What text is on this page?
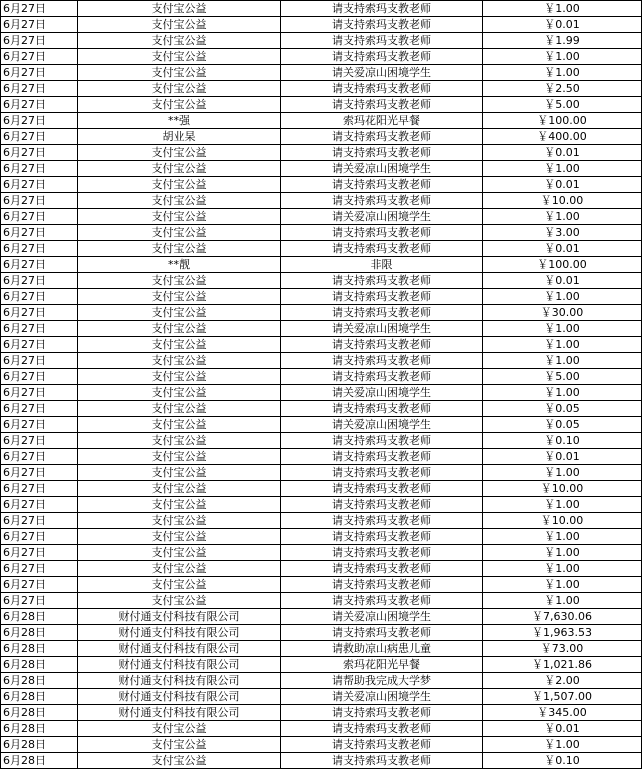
6月27日	支付宝公益	请支持索玛支教老师	￥1.00
6月27日	支付宝公益	请支持索玛支教老师	￥0.01
6月27日	支付宝公益	请支持索玛支教老师	￥1.99
6月27日	支付宝公益	请支持索玛支教老师	￥1.00
6月27日	支付宝公益	请关爱凉山困境学生	￥1.00
6月27日	支付宝公益	请支持索玛支教老师	￥2.50
6月27日	支付宝公益	请支持索玛支教老师	￥5.00
6月27日	**强	索玛花阳光早餐	￥100.00
6月27日	胡业杲	请支持索玛支教老师	￥400.00
6月27日	支付宝公益	请支持索玛支教老师	￥0.01
6月27日	支付宝公益	请关爱凉山困境学生	￥1.00
6月27日	支付宝公益	请支持索玛支教老师	￥0.01
6月27日	支付宝公益	请支持索玛支教老师	￥10.00
6月27日	支付宝公益	请关爱凉山困境学生	￥1.00
6月27日	支付宝公益	请支持索玛支教老师	￥3.00
6月27日	支付宝公益	请支持索玛支教老师	￥0.01
6月27日	**靓	非限	￥100.00
6月27日	支付宝公益	请支持索玛支教老师	￥0.01
6月27日	支付宝公益	请支持索玛支教老师	￥1.00
6月27日	支付宝公益	请支持索玛支教老师	￥30.00
6月27日	支付宝公益	请关爱凉山困境学生	￥1.00
6月27日	支付宝公益	请支持索玛支教老师	￥1.00
6月27日	支付宝公益	请支持索玛支教老师	￥1.00
6月27日	支付宝公益	请支持索玛支教老师	￥5.00
6月27日	支付宝公益	请关爱凉山困境学生	￥1.00
6月27日	支付宝公益	请支持索玛支教老师	￥0.05
6月27日	支付宝公益	请关爱凉山困境学生	￥0.05
6月27日	支付宝公益	请支持索玛支教老师	￥0.10
6月27日	支付宝公益	请支持索玛支教老师	￥0.01
6月27日	支付宝公益	请支持索玛支教老师	￥1.00
6月27日	支付宝公益	请支持索玛支教老师	￥10.00
6月27日	支付宝公益	请支持索玛支教老师	￥1.00
6月27日	支付宝公益	请支持索玛支教老师	￥10.00
6月27日	支付宝公益	请支持索玛支教老师	￥1.00
6月27日	支付宝公益	请支持索玛支教老师	￥1.00
6月27日	支付宝公益	请支持索玛支教老师	￥1.00
6月27日	支付宝公益	请支持索玛支教老师	￥1.00
6月27日	支付宝公益	请支持索玛支教老师	￥1.00
6月28日	财付通支付科技有限公司	请关爱凉山困境学生	￥7,630.06
6月28日	财付通支付科技有限公司	请支持索玛支教老师	￥1,963.53
6月28日	财付通支付科技有限公司	请救助凉山病患儿童	￥73.00
6月28日	财付通支付科技有限公司	索玛花阳光早餐	￥1,021.86
6月28日	财付通支付科技有限公司	请帮助我完成大学梦	￥2.00
6月28日	财付通支付科技有限公司	请关爱凉山困境学生	￥1,507.00
6月28日	财付通支付科技有限公司	请支持索玛支教老师	￥345.00
6月28日	支付宝公益	请支持索玛支教老师	￥0.01
6月28日	支付宝公益	请支持索玛支教老师	￥1.00
6月28日	支付宝公益	请支持索玛支教老师	￥0.10
